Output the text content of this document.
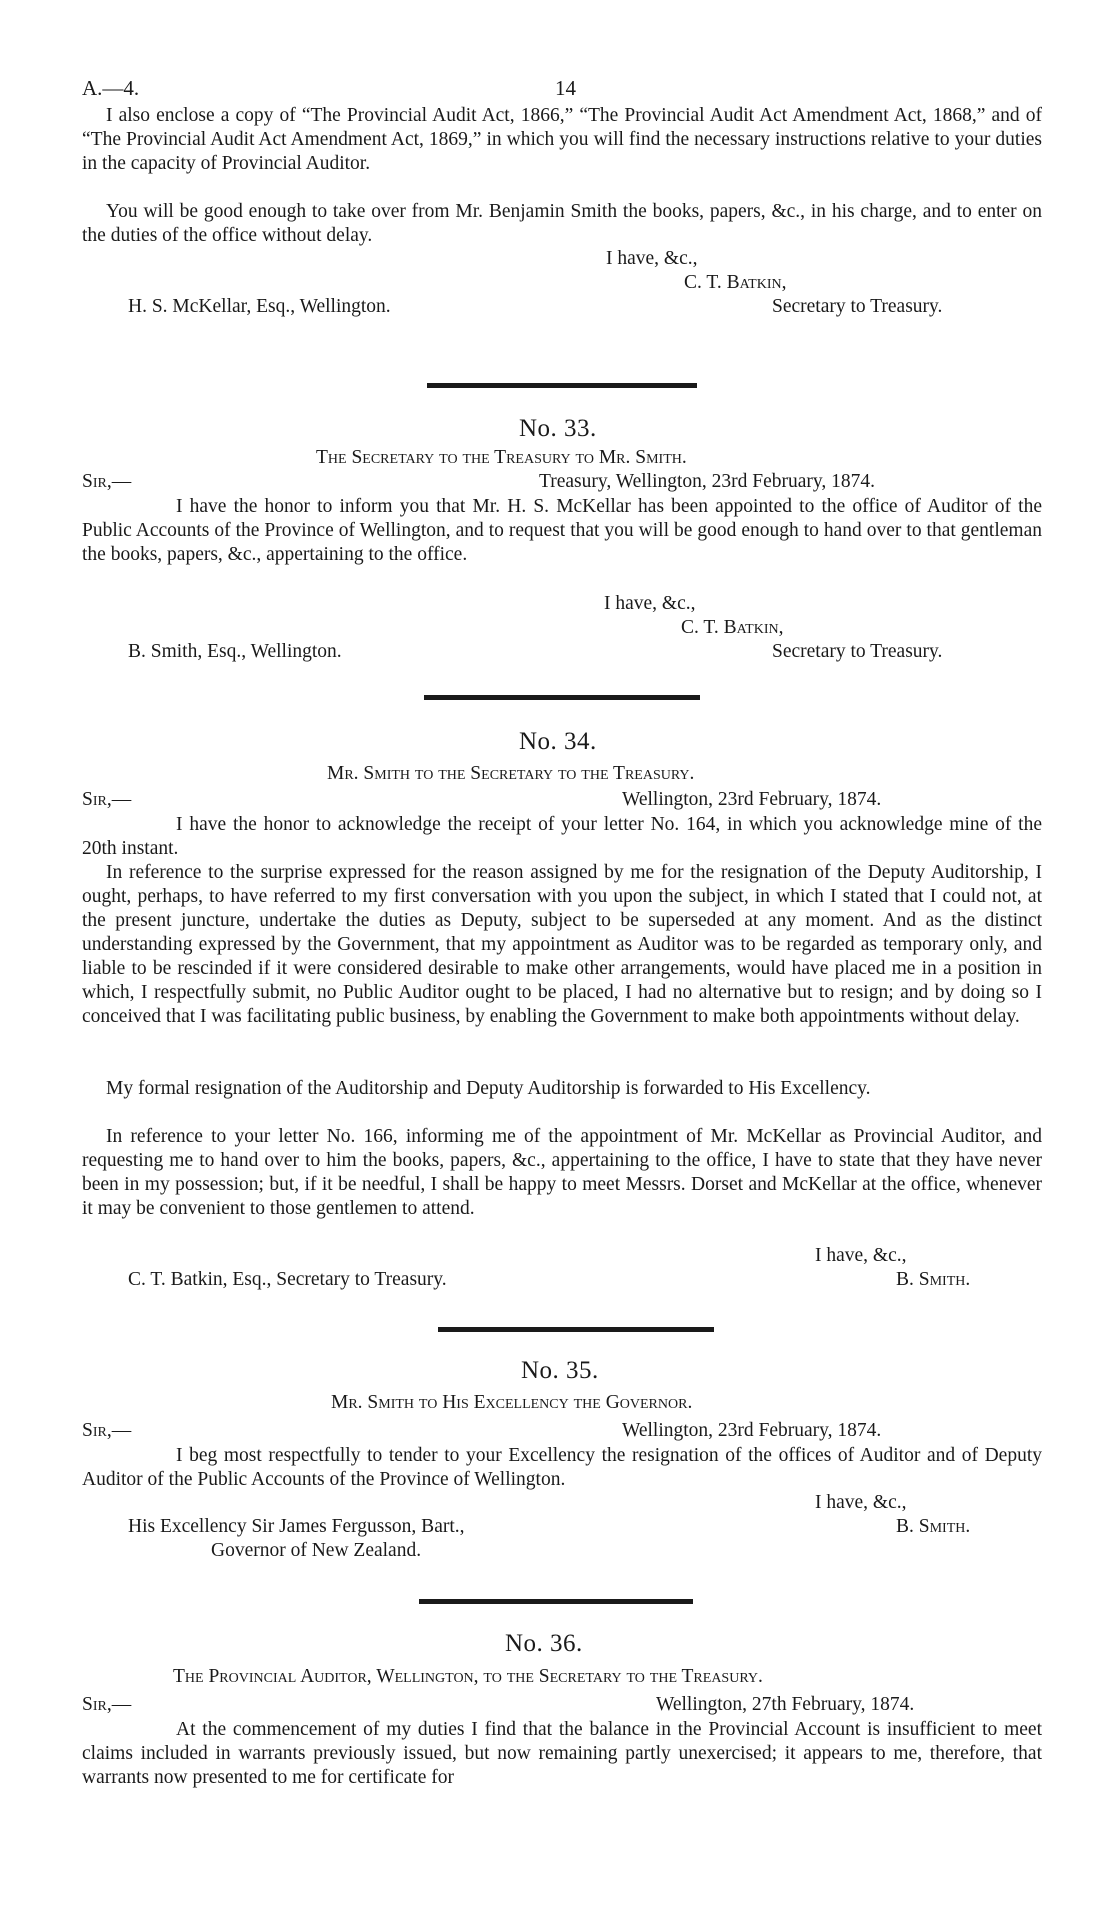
A.—4.	14
I also enclose a copy of “The Provincial Audit Act, 1866,” “The Provincial Audit Act Amendment Act, 1868,” and of “The Provincial Audit Act Amendment Act, 1869,” in which you will find the necessary instructions relative to your duties in the capacity of Provincial Auditor.
You will be good enough to take over from Mr. Benjamin Smith the books, papers, &c., in his charge, and to enter on the duties of the office without delay.
I have, &c.,
C. T. Batkin,
H. S. McKellar, Esq., Wellington.	Secretary to Treasury.
No. 33.
The Secretary to the Treasury to Mr. Smith.
Sir,—	Treasury, Wellington, 23rd February, 1874.
I have the honor to inform you that Mr. H. S. McKellar has been appointed to the office of Auditor of the Public Accounts of the Province of Wellington, and to request that you will be good enough to hand over to that gentleman the books, papers, &c., appertaining to the office.
I have, &c.,
C. T. Batkin,
B. Smith, Esq., Wellington.	Secretary to Treasury.
No. 34.
Mr. Smith to the Secretary to the Treasury.
Sir,—	Wellington, 23rd February, 1874.
I have the honor to acknowledge the receipt of your letter No. 164, in which you acknowledge mine of the 20th instant.
In reference to the surprise expressed for the reason assigned by me for the resignation of the Deputy Auditorship, I ought, perhaps, to have referred to my first conversation with you upon the subject, in which I stated that I could not, at the present juncture, undertake the duties as Deputy, subject to be superseded at any moment. And as the distinct understanding expressed by the Government, that my appointment as Auditor was to be regarded as temporary only, and liable to be rescinded if it were considered desirable to make other arrangements, would have placed me in a position in which, I respectfully submit, no Public Auditor ought to be placed, I had no alternative but to resign; and by doing so I conceived that I was facilitating public business, by enabling the Government to make both appointments without delay.
My formal resignation of the Auditorship and Deputy Auditorship is forwarded to His Excellency.
In reference to your letter No. 166, informing me of the appointment of Mr. McKellar as Provincial Auditor, and requesting me to hand over to him the books, papers, &c., appertaining to the office, I have to state that they have never been in my possession; but, if it be needful, I shall be happy to meet Messrs. Dorset and McKellar at the office, whenever it may be convenient to those gentlemen to attend.
I have, &c.,
C. T. Batkin, Esq., Secretary to Treasury.	B. Smith.
No. 35.
Mr. Smith to His Excellency the Governor.
Sir,—	Wellington, 23rd February, 1874.
I beg most respectfully to tender to your Excellency the resignation of the offices of Auditor and of Deputy Auditor of the Public Accounts of the Province of Wellington.
I have, &c.,
His Excellency Sir James Fergusson, Bart.,	B. Smith.
Governor of New Zealand.
No. 36.
The Provincial Auditor, Wellington, to the Secretary to the Treasury.
Sir,—	Wellington, 27th February, 1874.
At the commencement of my duties I find that the balance in the Provincial Account is insufficient to meet claims included in warrants previously issued, but now remaining partly unexercised; it appears to me, therefore, that warrants now presented to me for certificate for
